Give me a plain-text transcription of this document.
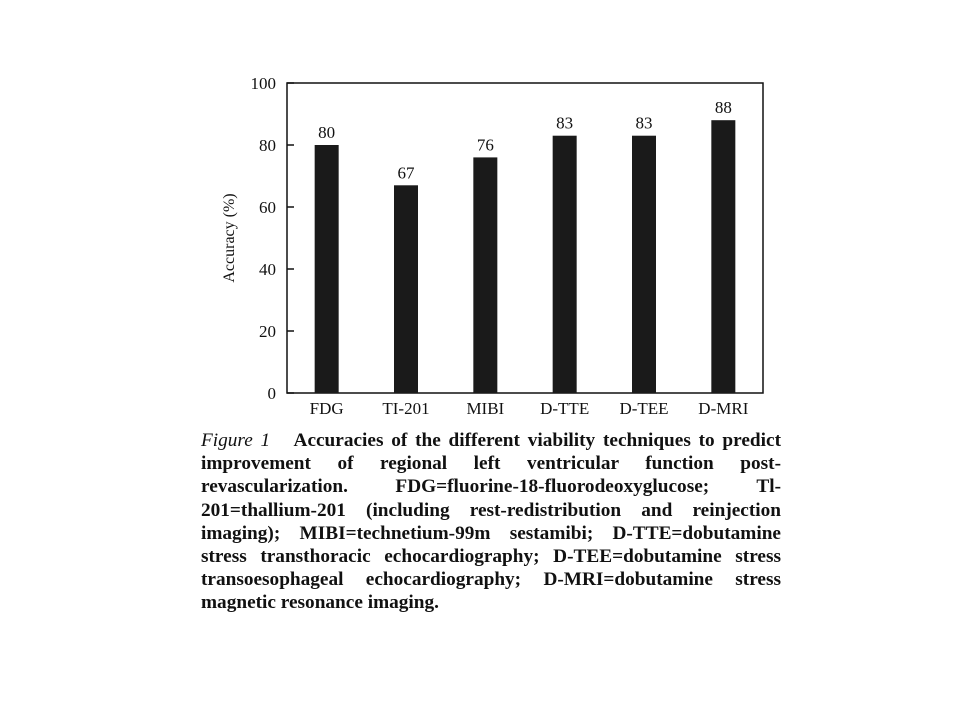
0
20
40
60
80
100
80
67
76
83	83
88
FDG TI-201 MIBI D-TTE D-TEE D-MRI
Accuracy (%)

Figure 1 Accuracies of the different viability techniques to predict improvement of regional left ventricular function post-revascularization. FDG=fluorine-18-fluorodeoxyglucose; Tl-201=thallium-201 (including rest-redistribution and reinjection imaging); MIBI=technetium-99m sestamibi; D-TTE=dobutamine stress transthoracic echocardiography; D-TEE=dobutamine stress transoesophageal echocardiography; D-MRI=dobutamine stress magnetic resonance imaging.
